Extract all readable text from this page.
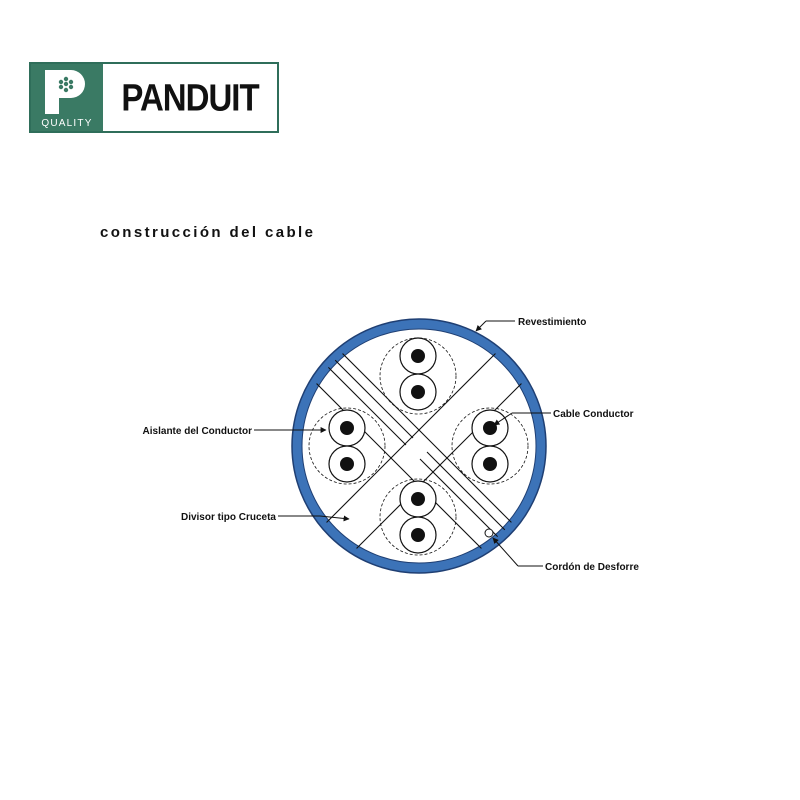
QUALITY
PANDUIT
construcción del cable
Revestimiento
Cable Conductor
Aislante del Conductor
Divisor tipo Cruceta
Cordón de Desforre
